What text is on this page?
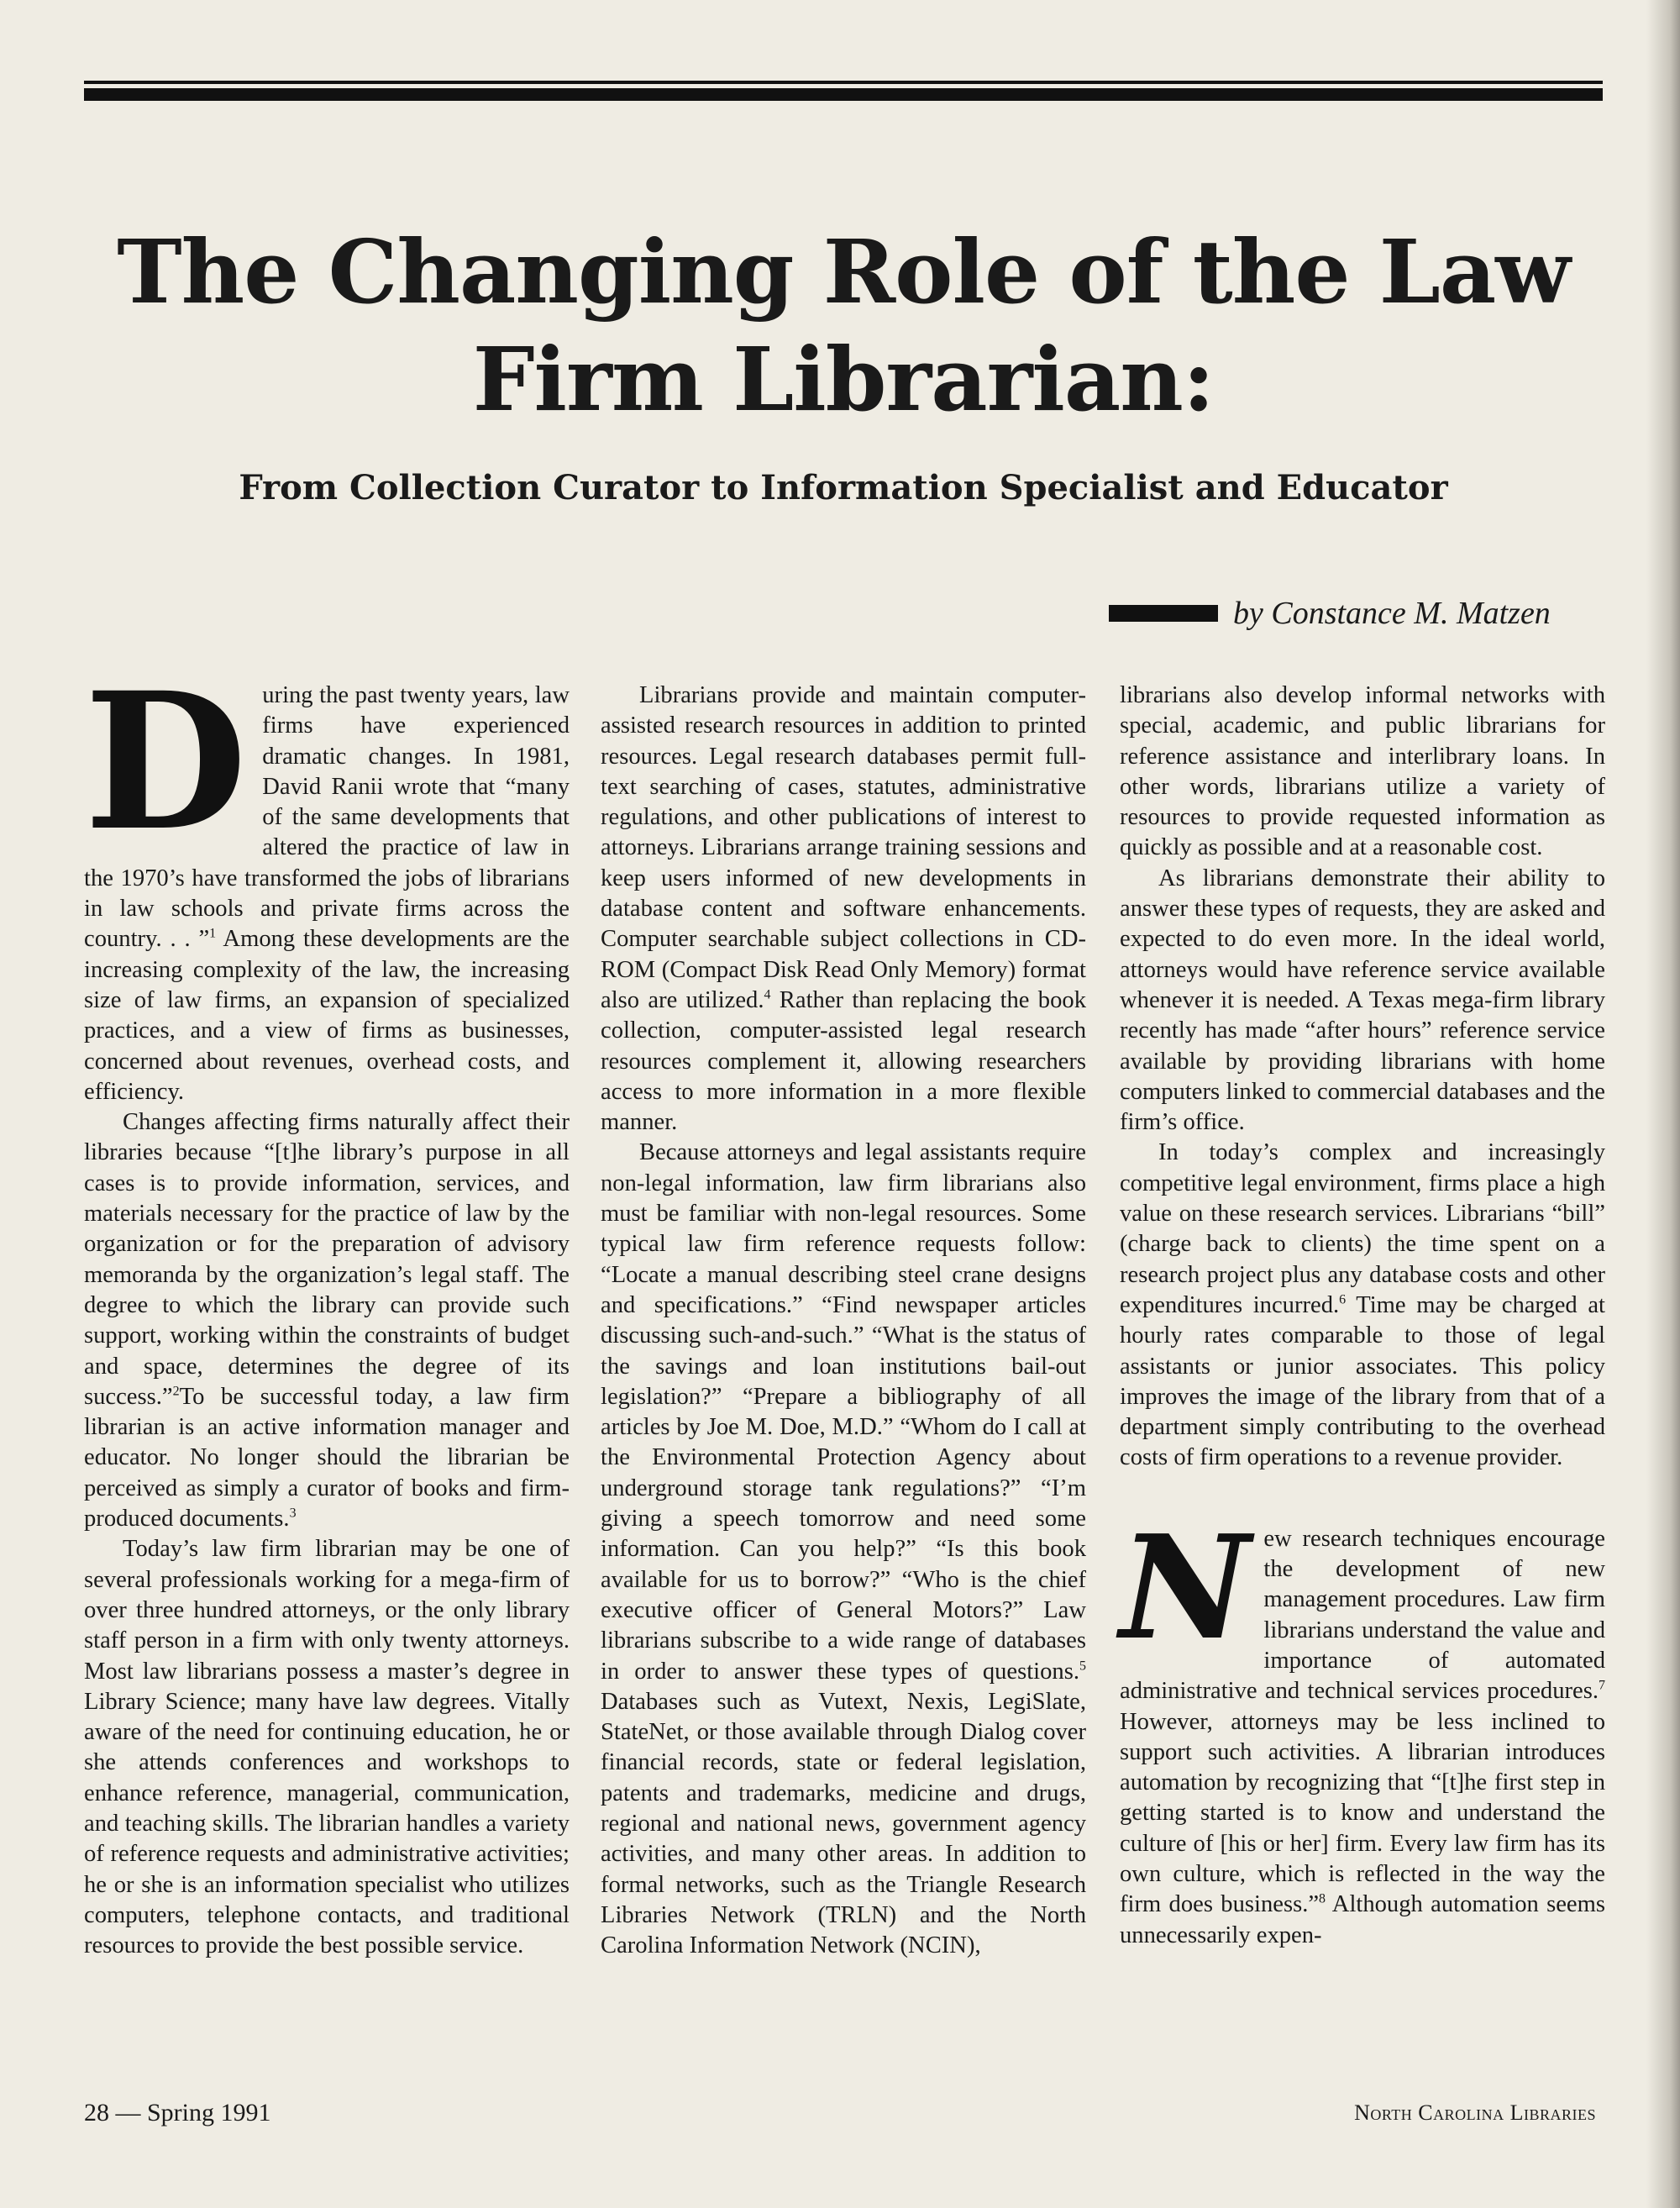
The Changing Role of the Law Firm Librarian:
From Collection Curator to Information Specialist and Educator
by Constance M. Matzen
D uring the past twenty years, law firms have experienced dramatic changes. In 1981, David Ranii wrote that “many of the same developments that altered the practice of law in the 1970’s have transformed the jobs of librarians in law schools and private firms across the country. . . ”$^1$ Among these developments are the increasing complexity of the law, the increasing size of law firms, an expansion of specialized practices, and a view of firms as businesses, concerned about revenues, overhead costs, and efficiency.

Changes affecting firms naturally affect their libraries because “[t]he library’s purpose in all cases is to provide information, services, and materials necessary for the practice of law by the organization or for the preparation of advisory memoranda by the organization’s legal staff. The degree to which the library can provide such support, working within the constraints of budget and space, determines the degree of its success.”$^2$To be successful today, a law firm librarian is an active information manager and educator. No longer should the librarian be perceived as simply a curator of books and firm-produced documents.$^3$

Today’s law firm librarian may be one of several professionals working for a mega-firm of over three hundred attorneys, or the only library staff person in a firm with only twenty attorneys. Most law librarians possess a master’s degree in Library Science; many have law degrees. Vitally aware of the need for continuing education, he or she attends conferences and workshops to enhance reference, managerial, communication, and teaching skills. The librarian handles a variety of reference requests and administrative activities; he or she is an information specialist who utilizes computers, telephone contacts, and traditional resources to provide the best possible service.

Librarians provide and maintain computer-assisted research resources in addition to printed resources. Legal research databases permit full-text searching of cases, statutes, administrative regulations, and other publications of interest to attorneys. Librarians arrange training sessions and keep users informed of new developments in database content and software enhancements. Computer searchable subject collections in CD-ROM (Compact Disk Read Only Memory) format also are utilized.$^4$ Rather than replacing the book collection, computer-assisted legal research resources complement it, allowing researchers access to more information in a more flexible manner.

Because attorneys and legal assistants require non-legal information, law firm librarians also must be familiar with non-legal resources. Some typical law firm reference requests follow: “Locate a manual describing steel crane designs and specifications.” “Find newspaper articles discussing such-and-such.” “What is the status of the savings and loan institutions bail-out legislation?” “Prepare a bibliography of all articles by Joe M. Doe, M.D.” “Whom do I call at the Environmental Protection Agency about underground storage tank regulations?” “I’m giving a speech tomorrow and need some information. Can you help?” “Is this book available for us to borrow?” “Who is the chief executive officer of General Motors?” Law librarians subscribe to a wide range of databases in order to answer these types of questions.$^5$ Databases such as Vutext, Nexis, LegiSlate, StateNet, or those available through Dialog cover financial records, state or federal legislation, patents and trademarks, medicine and drugs, regional and national news, government agency activities, and many other areas. In addition to formal networks, such as the Triangle Research Libraries Network (TRLN) and the North Carolina Information Network (NCIN),

librarians also develop informal networks with special, academic, and public librarians for reference assistance and interlibrary loans. In other words, librarians utilize a variety of resources to provide requested information as quickly as possible and at a reasonable cost.

As librarians demonstrate their ability to answer these types of requests, they are asked and expected to do even more. In the ideal world, attorneys would have reference service available whenever it is needed. A Texas mega-firm library recently has made “after hours” reference service available by providing librarians with home computers linked to commercial databases and the firm’s office.

In today’s complex and increasingly competitive legal environment, firms place a high value on these research services. Librarians “bill” (charge back to clients) the time spent on a research project plus any database costs and other expenditures incurred.$^6$ Time may be charged at hourly rates comparable to those of legal assistants or junior associates. This policy improves the image of the library from that of a department simply contributing to the overhead costs of firm operations to a revenue provider.

N ew research techniques encourage the development of new management procedures. Law firm librarians understand the value and importance of automated administrative and technical services procedures.$^7$ However, attorneys may be less inclined to support such activities. A librarian introduces automation by recognizing that “[t]he first step in getting started is to know and understand the culture of [his or her] firm. Every law firm has its own culture, which is reflected in the way the firm does business.”$^8$ Although automation seems unnecessarily expen-

28 — Spring 1991	North Carolina Libraries
